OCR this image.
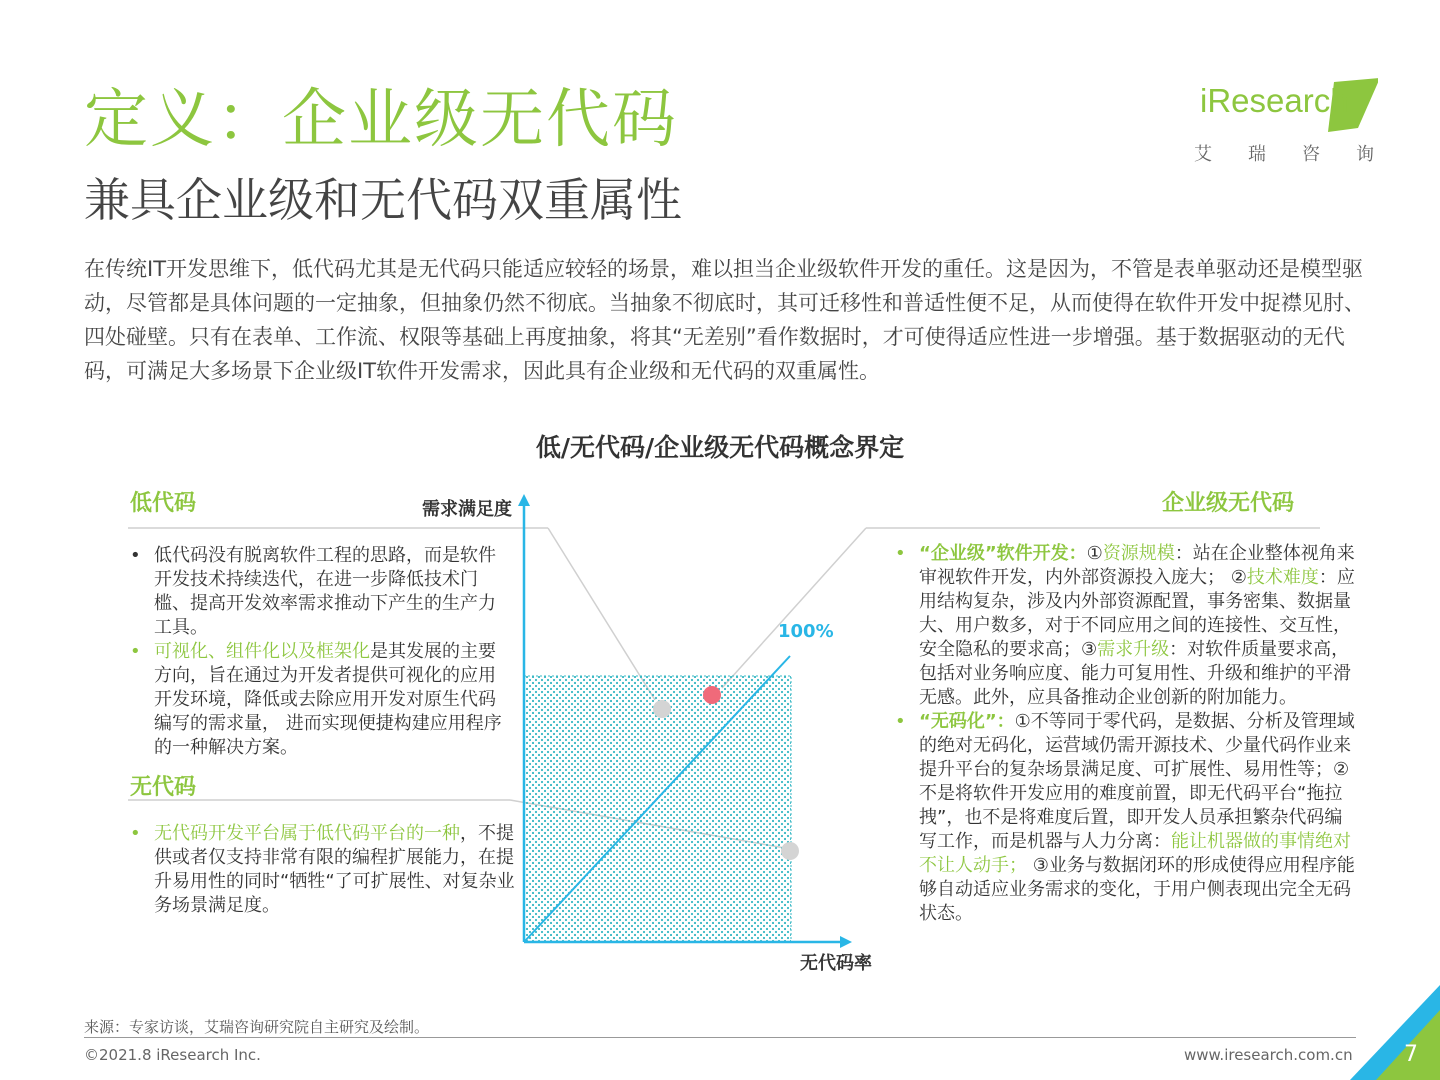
需求满足度
无代码率
100%
定义：企业级无代码
兼具企业级和无代码双重属性
iResearch
艾 瑞 咨 询
在传统IT开发思维下，低代码尤其是无代码只能适应较轻的场景，难以担当企业级软件开发的重任。这是因为，不管是表单驱动还是模型驱动，尽管都是具体问题的一定抽象，但抽象仍然不彻底。当抽象不彻底时，其可迁移性和普适性便不足，从而使得在软件开发中捉襟见肘、四处碰壁。只有在表单、工作流、权限等基础上再度抽象，将其“无差别”看作数据时，才可使得适应性进一步增强。基于数据驱动的无代码，可满足大多场景下企业级IT软件开发需求，因此具有企业级和无代码的双重属性。
低/无代码/企业级无代码概念界定
低代码
• 低代码没有脱离软件工程的思路，而是软件开发技术持续迭代，在进一步降低技术门槛、提高开发效率需求推动下产生的生产力工具。
• 可视化、组件化以及框架化是其发展的主要方向，旨在通过为开发者提供可视化的应用开发环境，降低或去除应用开发对原生代码编写的需求量， 进而实现便捷构建应用程序的一种解决方案。
无代码
• 无代码开发平台属于低代码平台的一种，不提供或者仅支持非常有限的编程扩展能力，在提升易用性的同时“牺牲“了可扩展性、对复杂业务场景满足度。
企业级无代码
• “企业级”软件开发：①资源规模：站在企业整体视角来审视软件开发，内外部资源投入庞大； ②技术难度：应用结构复杂，涉及内外部资源配置，事务密集、数据量大、用户数多，对于不同应用之间的连接性、交互性，安全隐私的要求高；③需求升级：对软件质量要求高，包括对业务响应度、能力可复用性、升级和维护的平滑无感。此外，应具备推动企业创新的附加能力。
• “无码化”：①不等同于零代码，是数据、分析及管理域的绝对无码化，运营域仍需开源技术、少量代码作业来提升平台的复杂场景满足度、可扩展性、易用性等；②不是将软件开发应用的难度前置，即无代码平台“拖拉拽”，也不是将难度后置，即开发人员承担繁杂代码编写工作，而是机器与人力分离：能让机器做的事情绝对不让人动手； ③业务与数据闭环的形成使得应用程序能够自动适应业务需求的变化，于用户侧表现出完全无码状态。
来源：专家访谈，艾瑞咨询研究院自主研究及绘制。
©2021.8 iResearch Inc.	www.iresearch.com.cn 7
